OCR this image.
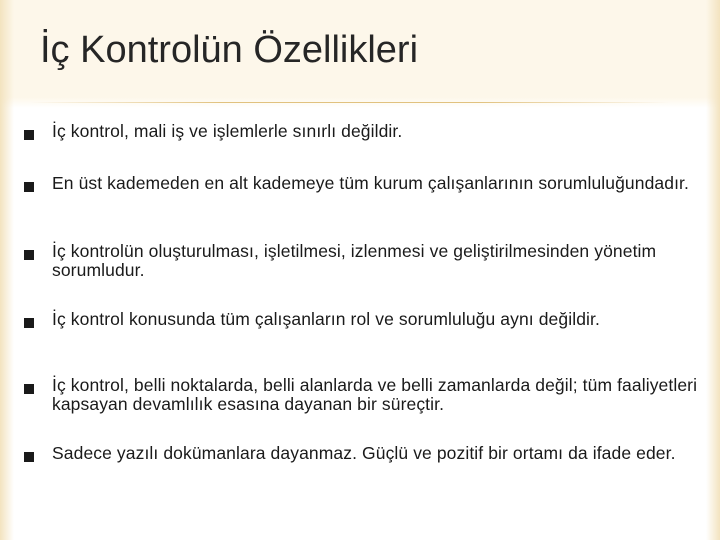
İç Kontrolün Özellikleri
İç kontrol, mali iş ve işlemlerle sınırlı değildir.
En üst kademeden en alt kademeye tüm kurum çalışanlarının sorumluluğundadır.
İç kontrolün oluşturulması, işletilmesi, izlenmesi ve geliştirilmesinden yönetim sorumludur.
İç kontrol konusunda tüm çalışanların rol ve sorumluluğu aynı değildir.
İç kontrol, belli noktalarda, belli alanlarda ve belli zamanlarda değil; tüm faaliyetleri kapsayan devamlılık esasına dayanan bir süreçtir.
Sadece yazılı dokümanlara dayanmaz. Güçlü ve pozitif bir ortamı da ifade eder.
